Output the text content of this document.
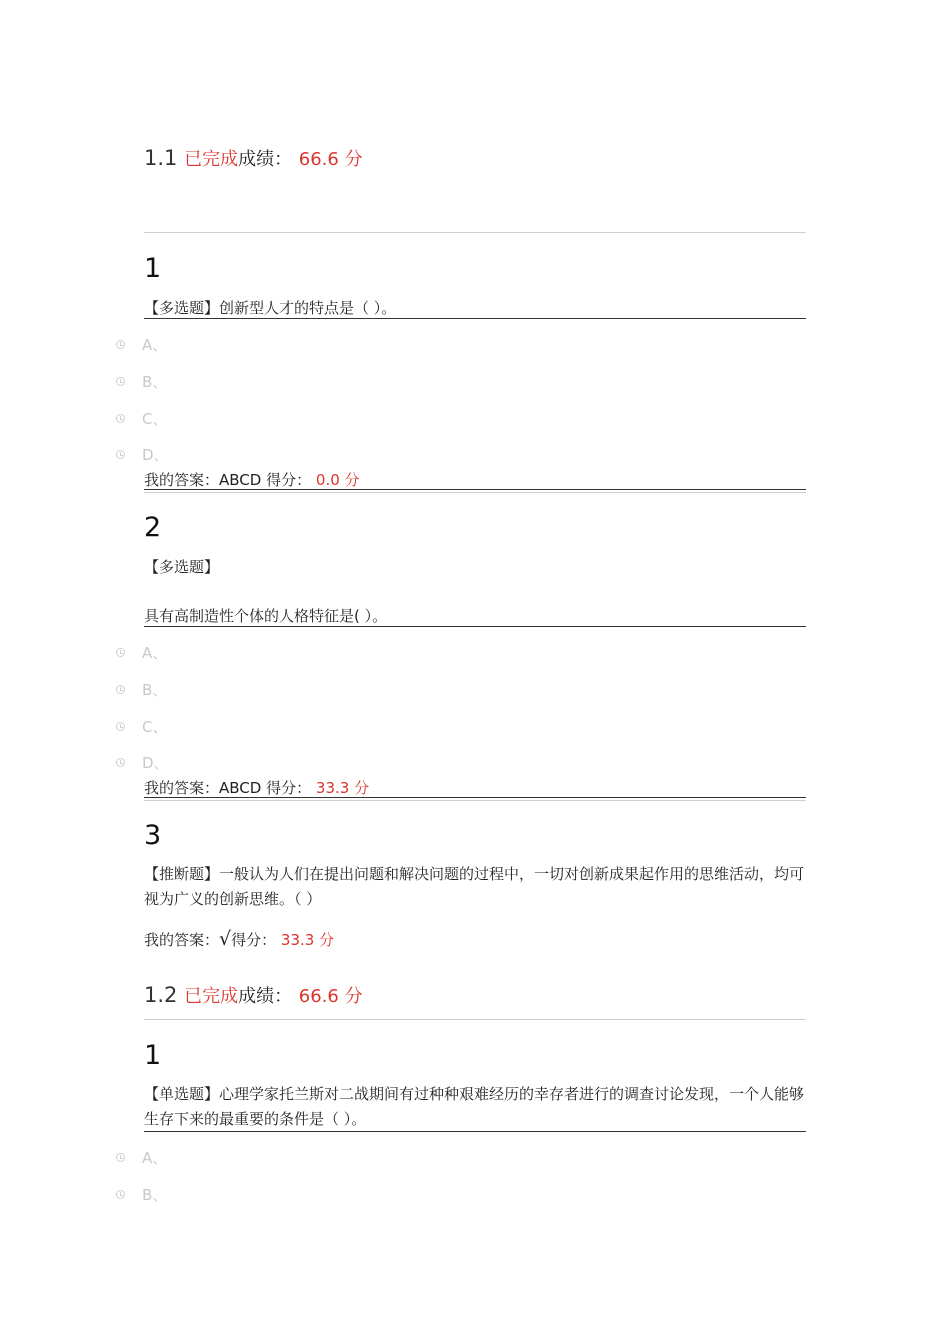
1.1 已完成成绩： 66.6 分
1
【多选题】创新型人才的特点是（ ）。
A、
B、
C、
D、
我的答案：ABCD 得分： 0.0 分
2
【多选题】
具有高制造性个体的人格特征是( ）。
A、
B、
C、
D、
我的答案：ABCD 得分： 33.3 分
3
【推断题】一般认为人们在提出问题和解决问题的过程中，一切对创新成果起作用的思维活动，均可视为广义的创新思维。（ ）
我的答案：√得分： 33.3 分
1.2 已完成成绩： 66.6 分
1
【单选题】心理学家托兰斯对二战期间有过种种艰难经历的幸存者进行的调查讨论发现，一个人能够生存下来的最重要的条件是（ ）。
A、
B、
